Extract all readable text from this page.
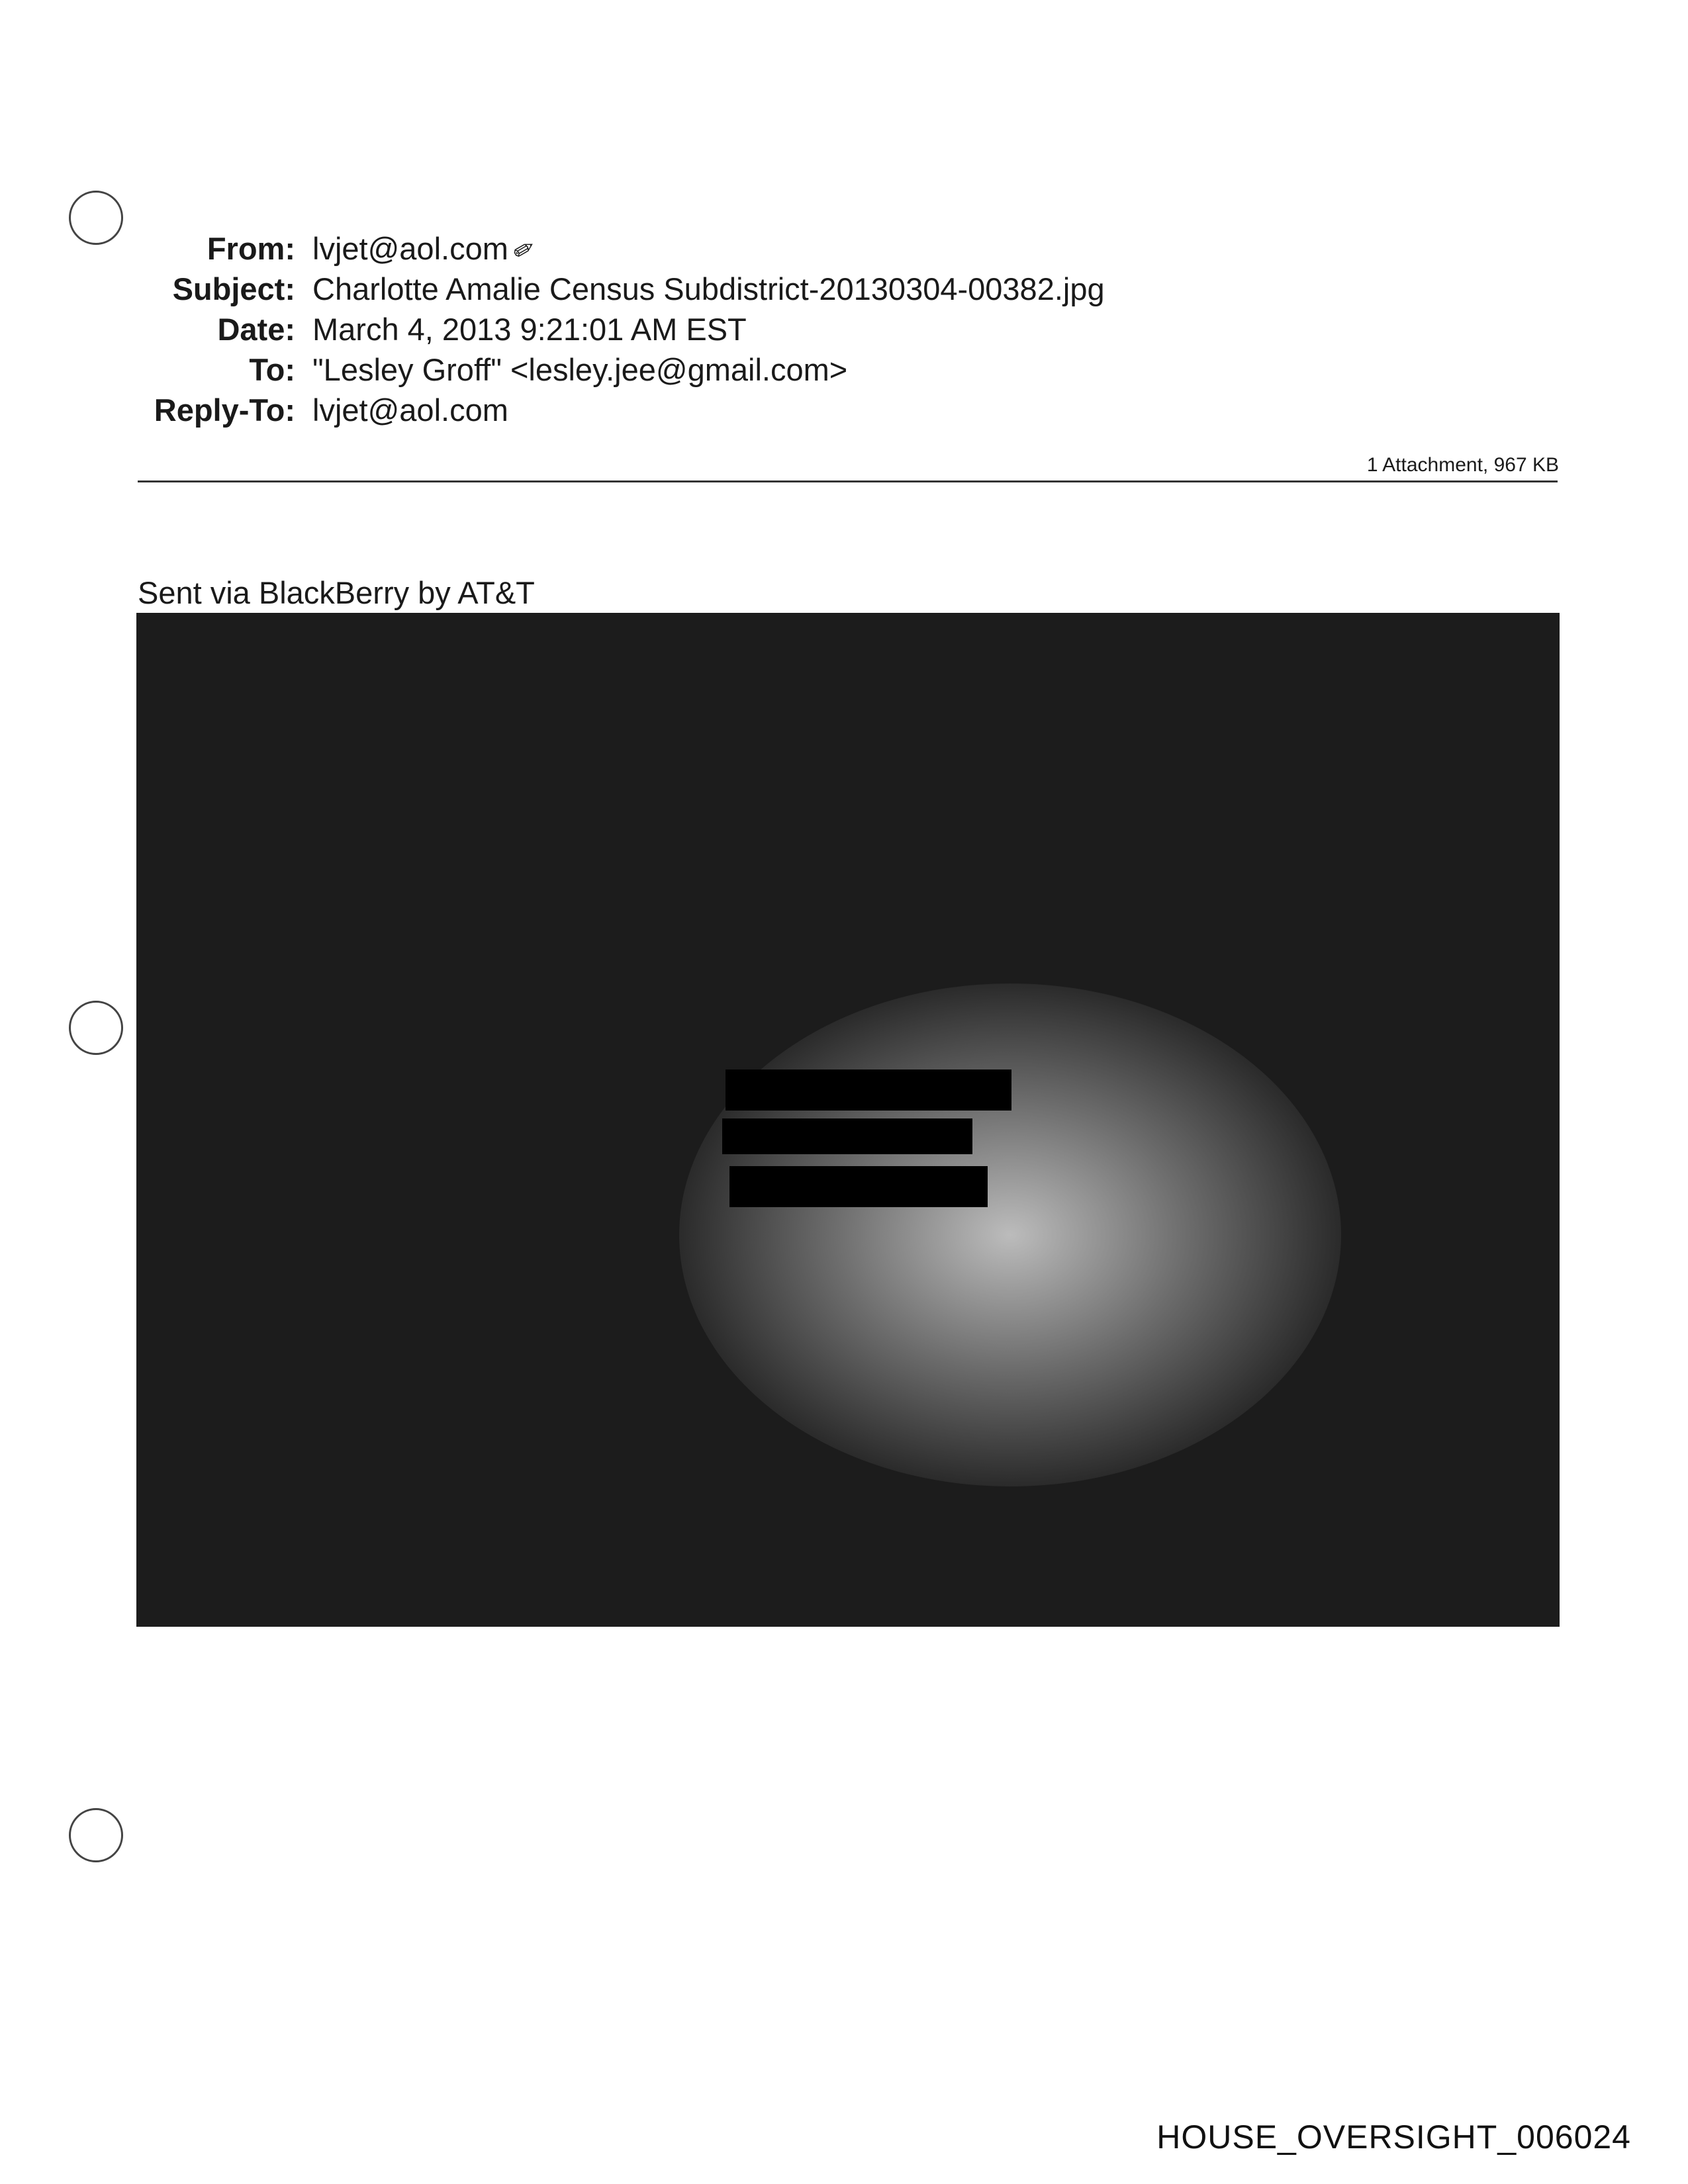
From: lvjet@aol.com ✐
Subject: Charlotte Amalie Census Subdistrict-20130304-00382.jpg
Date: March 4, 2013 9:21:01 AM EST
To: "Lesley Groff" <lesley.jee@gmail.com>
Reply-To: lvjet@aol.com
1 Attachment, 967 KB
Sent via BlackBerry by AT&T
HOUSE_OVERSIGHT_006024
